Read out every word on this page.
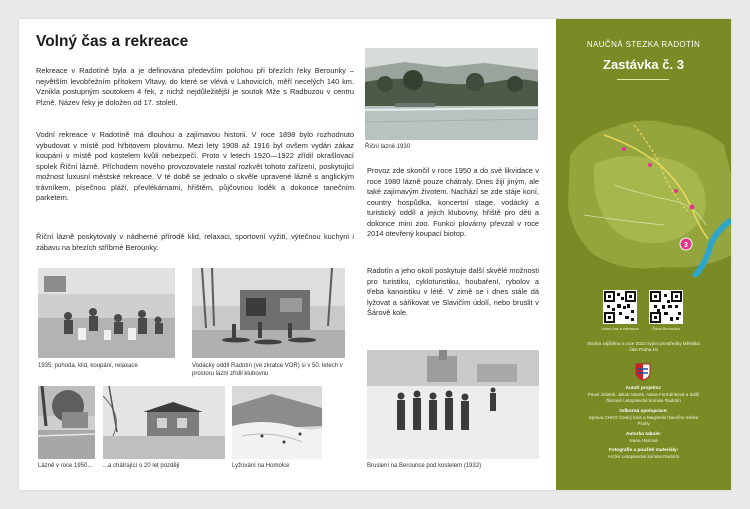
Volný čas a rekreace

Rekreace v Radotíně byla a je definována především polohou při březích řeky Berounky – největším levobřežním přítokem Vltavy, do které se vlévá v Lahovicích, měří necelých 140 km. Vznikla postupným soutokem 4 řek, z nichž nejdůležitější je soutok Mže s Radbuzou v centru Plzně. Název řeky je doložen od 17. století.

Vodní rekreace v Radotíně má dlouhou a zajímavou historii. V roce 1898 bylo rozhodnuto vybudovat v místě pod hřbitovem plovárnu. Mezi lety 1908 až 1916 byl ovšem vydán zákaz koupání v místě pod kostelem kvůli nebezpečí. Proto v letech 1920—1922 zřídil okrašlovací spolek Říční lázně. Příchodem nového provozovatele nastal rozkvět tohoto zařízení, poskytující možnost luxusní městské rekreace. V té době se jednalo o skvěle upravené lázně s anglickým trávníkem, písečnou pláží, převlékárnami, hřištěm, půjčovnou loděk a dokonce tanečním parketem.

Říční lázně poskytovaly v nádherné přírodě klid, relaxaci, sportovní vyžití, výtečnou kuchyni i zábavu na březích stříbrné Berounky.

Říční lázně 1930

Provoz zde skončil v roce 1950 a do své likvidace v roce 1980 lázně pouze chátraly. Dnes žijí jiným, ale také zajímavým životem. Nachází se zde stáje koní, country hospůdka, koncertní stage, vodácký a turistický oddíl a jejich klubovny, hřiště pro děti a dokonce mini zoo. Funkci plovárny převzal v roce 2014 otevřený koupací biotop.

Radotín a jeho okolí poskytuje další skvělé možnosti pro turistiku, cykloturistiku, houbaření, rybolov a třeba kanoistiku v létě. V zimě se i dnes stále dá lyžovat a sáňkovat ve Slavičím údolí, nebo bruslit v Šárově kole.

1935: pohoda, klid, koupání, relaxace	Vodácký oddíl Radotín (ve zkratce VOR) si v 50. letech v prostoru lázní zřídil klubovnu

Lázně v roce 1950... ...a chátrající o 20 let později	Lyžování na Homolce	Bruslení na Berounce pod kostelem (1932)

NAUČNÁ STEZKA RADOTÍN
Zastávka č. 3
3
Volný čas a rekreace	Řeka Berounka
Stezka zajištěna v roce 2022 svými prostředky Městská část Praha 16
Autoři projektu:
Pavel Jirásek, Jakub Marek, Ivana Formánková a další členové Letopisecké komise Radotín
Odborná spolupráce:
Správa CHKO Český kras a Magistrát hlavního města Prahy
Autorka tabule:
Ivana Hanová
Fotografie a použité materiály:
Archiv Letopisecké komise Radotín
